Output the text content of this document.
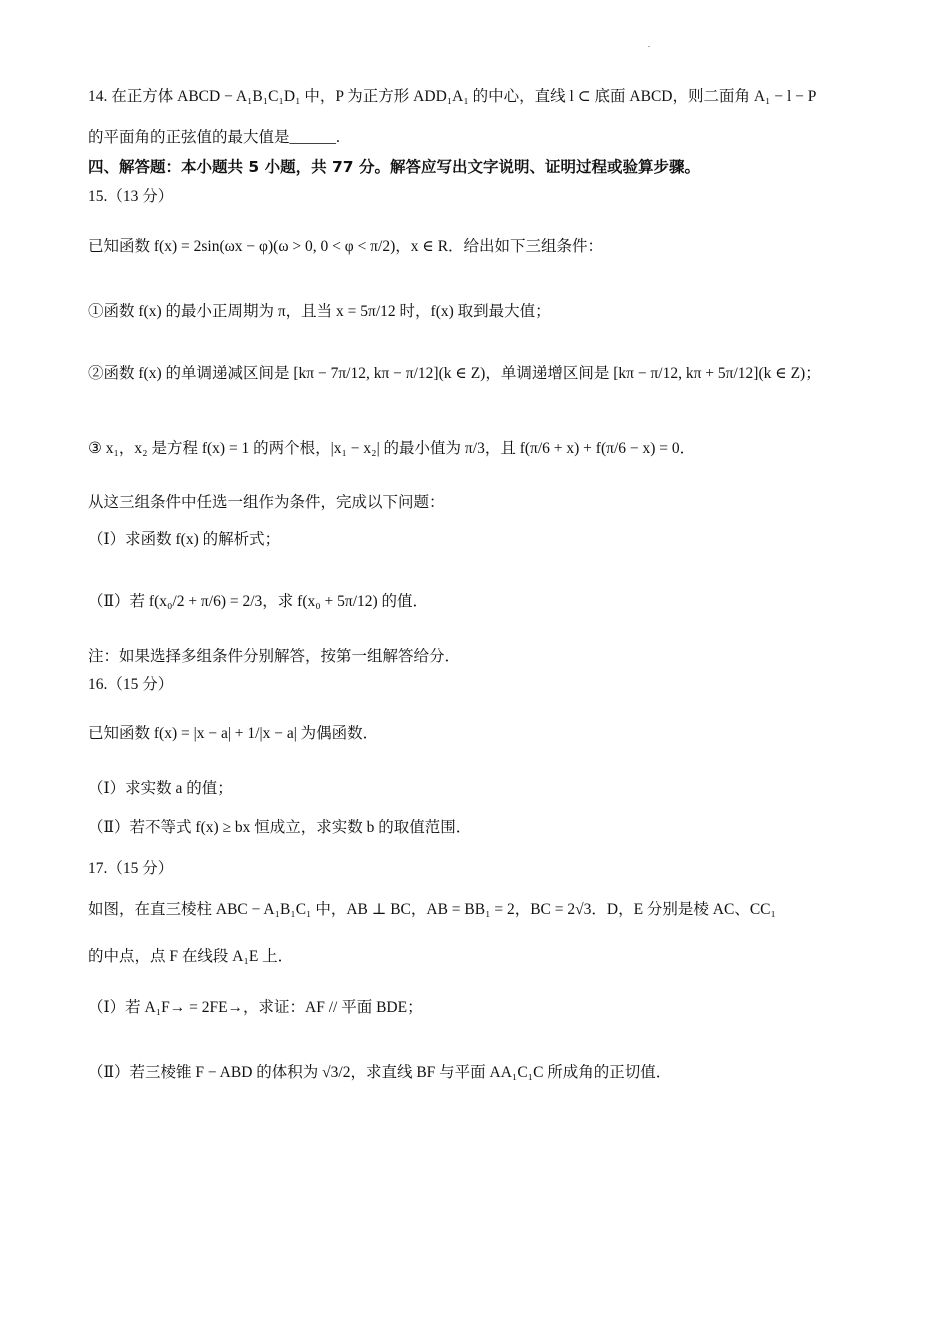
.
14. 在正方体 ABCD − A₁B₁C₁D₁ 中，P 为正方形 ADD₁A₁ 的中心，直线 l ⊂ 底面 ABCD，则二面角 A₁ − l − P
的平面角的正弦值的最大值是______.
四、解答题：本小题共 5 小题，共 77 分。解答应写出文字说明、证明过程或验算步骤。
15.（13 分）
已知函数 f(x) = 2sin(ωx − φ)(ω > 0, 0 < φ < π/2)，x ∈ R．给出如下三组条件：
①函数 f(x) 的最小正周期为 π，且当 x = 5π/12 时，f(x) 取到最大值；
②函数 f(x) 的单调递减区间是 [kπ − 7π/12, kπ − π/12](k ∈ Z)，单调递增区间是 [kπ − π/12, kπ + 5π/12](k ∈ Z)；
③ x₁，x₂ 是方程 f(x) = 1 的两个根，|x₁ − x₂| 的最小值为 π/3，且 f(π/6 + x) + f(π/6 − x) = 0．
从这三组条件中任选一组作为条件，完成以下问题：
（Ⅰ）求函数 f(x) 的解析式；
（Ⅱ）若 f(x₀/2 + π/6) = 2/3，求 f(x₀ + 5π/12) 的值．
注：如果选择多组条件分别解答，按第一组解答给分．
16.（15 分）
已知函数 f(x) = |x − a| + 1/|x − a| 为偶函数．
（Ⅰ）求实数 a 的值；
（Ⅱ）若不等式 f(x) ≥ bx 恒成立，求实数 b 的取值范围．
17.（15 分）
如图，在直三棱柱 ABC − A₁B₁C₁ 中，AB ⊥ BC，AB = BB₁ = 2，BC = 2√3．D，E 分别是棱 AC、CC₁
的中点，点 F 在线段 A₁E 上．
（Ⅰ）若 A₁F→ = 2FE→，求证：AF // 平面 BDE；
（Ⅱ）若三棱锥 F − ABD 的体积为 √3/2，求直线 BF 与平面 AA₁C₁C 所成角的正切值．
